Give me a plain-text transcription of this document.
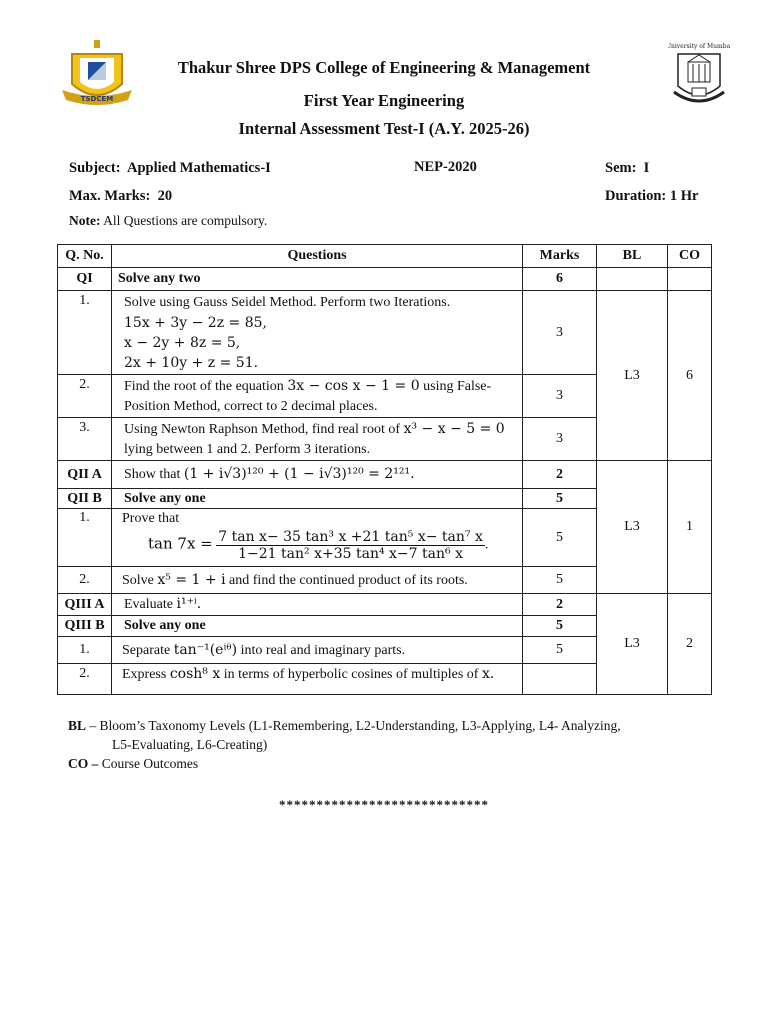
TSDCEM
University of Mumbai
Thakur Shree DPS College of Engineering & Management
First Year Engineering
Internal Assessment Test-I (A.Y. 2025-26)
Subject: Applied Mathematics-I	NEP-2020	Sem: I
Max. Marks: 20	Duration: 1 Hr
Note: All Questions are compulsory.
Q. No.	Questions	Marks	BL	CO
QI	Solve any two	6		
1.	Solve using Gauss Seidel Method. Perform two Iterations.
15x + 3y − 2z = 85,
x − 2y + 8z = 5,
2x + 10y + z = 51.	3	L3	6
2.	Find the root of the equation 3x − cos x − 1 = 0 using False-
Position Method, correct to 2 decimal places.	3		
3.	Using Newton Raphson Method, find real root of x³ − x − 5 = 0
lying between 1 and 2. Perform 3 iterations.	3		
QII A	Show that (1 + i√3)¹²⁰ + (1 − i√3)¹²⁰ = 2¹²¹.	2	L3	1
QII B	Solve any one	5		
1.	Prove that
$\tan 7x = \frac{\text{7 tan x− 35 tan³ x +21 tan⁵ x− tan⁷ x}}{\text{1−21 tan² x+35 tan⁴ x−7 tan⁶ x}}$ .	5		
2.	Solve x⁵ = 1 + i and find the continued product of its roots.	5		
QIII A	Evaluate i¹⁺ⁱ.	2	L3	2
QIII B	Solve any one	5		
1.	Separate tan⁻¹(eⁱᶿ) into real and imaginary parts.	5		
2.	Express cosh⁸ x in terms of hyperbolic cosines of multiples of x.			
BL – Bloom’s Taxonomy Levels (L1-Remembering, L2-Understanding, L3-Applying, L4- Analyzing,
L5-Evaluating, L6-Creating)
CO – Course Outcomes
****************************
